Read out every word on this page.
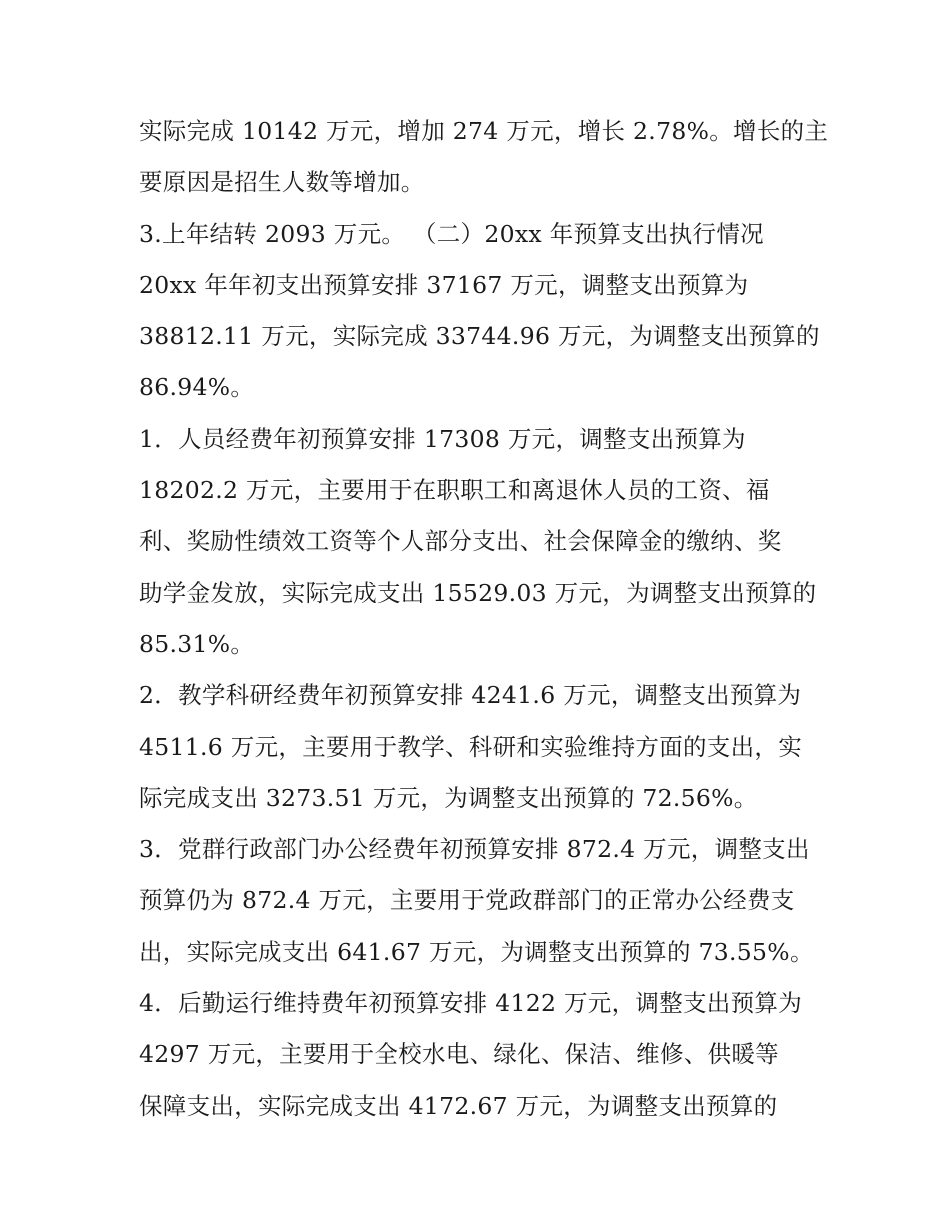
实际完成 10142 万元，增加 274 万元，增长 2.78%。增长的主
要原因是招生人数等增加。
3.上年结转 2093 万元。 （二）20xx 年预算支出执行情况
20xx 年年初支出预算安排 37167 万元，调整支出预算为
38812.11 万元，实际完成 33744.96 万元，为调整支出预算的
86.94%。
1．人员经费年初预算安排 17308 万元，调整支出预算为
18202.2 万元，主要用于在职职工和离退休人员的工资、福
利、奖励性绩效工资等个人部分支出、社会保障金的缴纳、奖
助学金发放，实际完成支出 15529.03 万元，为调整支出预算的
85.31%。
2．教学科研经费年初预算安排 4241.6 万元，调整支出预算为
4511.6 万元，主要用于教学、科研和实验维持方面的支出，实
际完成支出 3273.51 万元，为调整支出预算的 72.56%。
3．党群行政部门办公经费年初预算安排 872.4 万元，调整支出
预算仍为 872.4 万元，主要用于党政群部门的正常办公经费支
出，实际完成支出 641.67 万元，为调整支出预算的 73.55%。
4．后勤运行维持费年初预算安排 4122 万元，调整支出预算为
4297 万元，主要用于全校水电、绿化、保洁、维修、供暖等
保障支出，实际完成支出 4172.67 万元，为调整支出预算的
